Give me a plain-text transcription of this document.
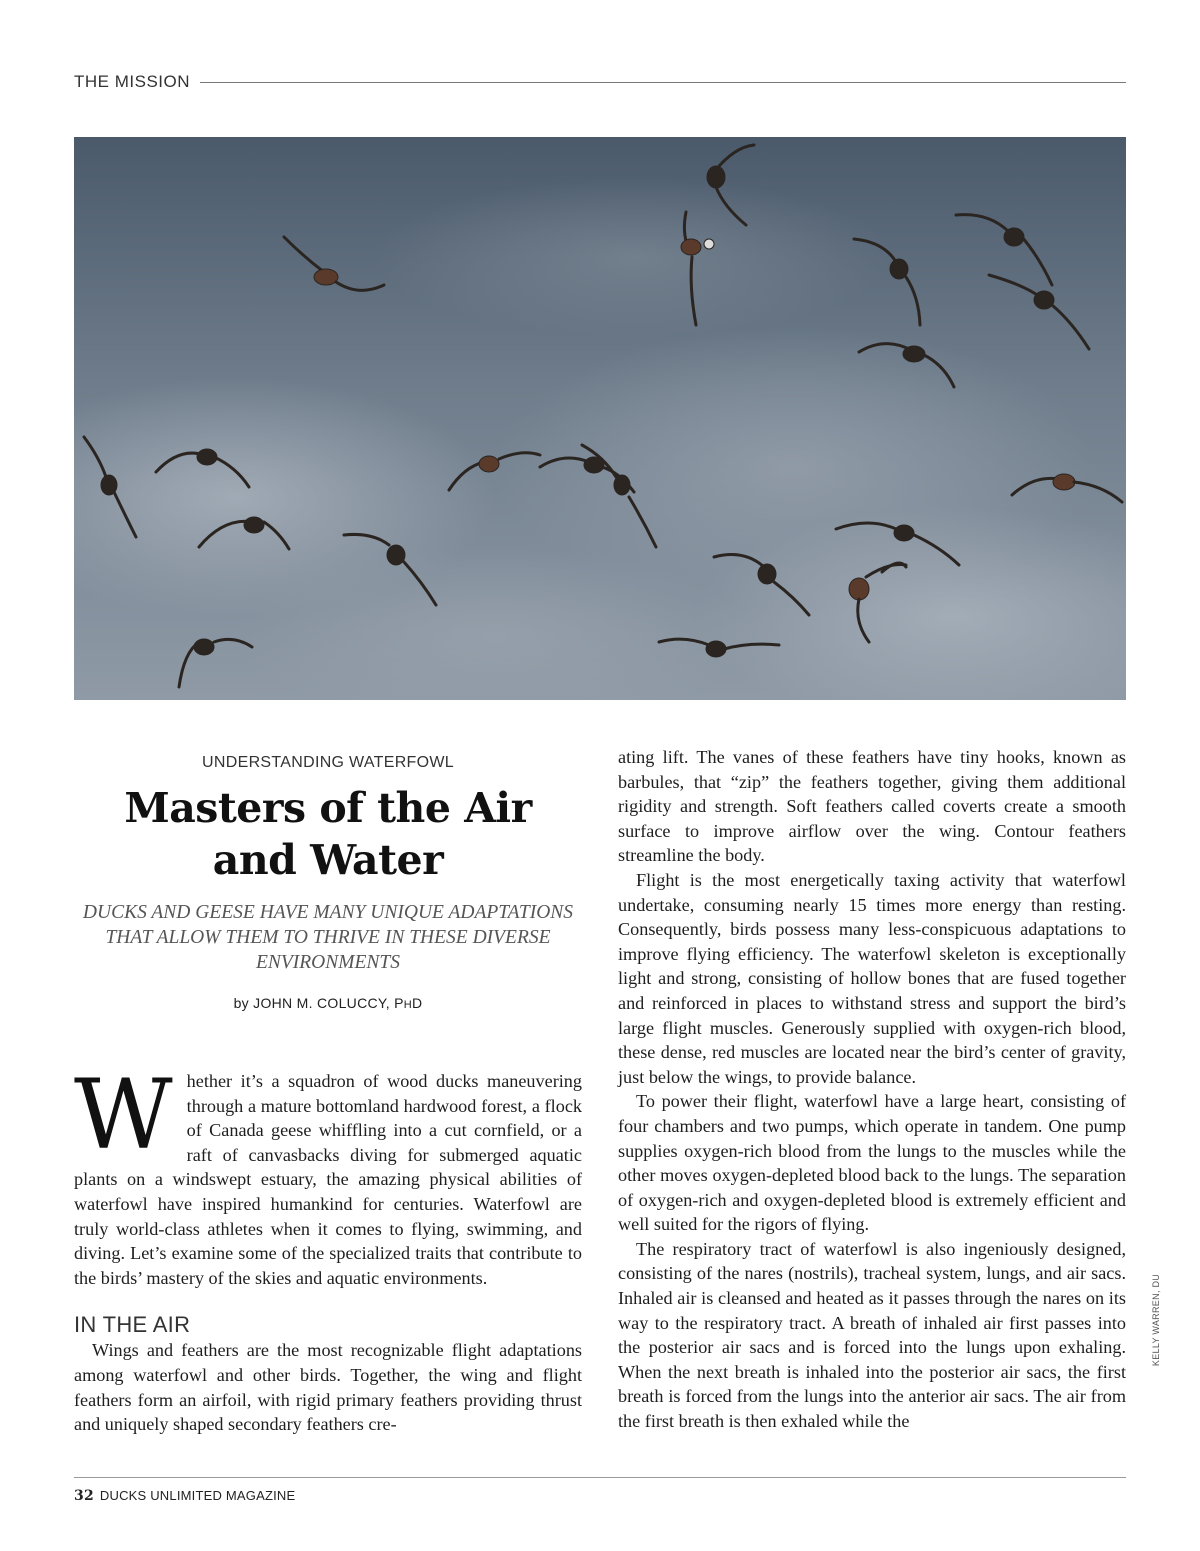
THE MISSION
KELLY WARREN, DU
UNDERSTANDING WATERFOWL
Masters of the Air
and Water
DUCKS AND GEESE HAVE MANY UNIQUE ADAPTATIONS THAT ALLOW THEM TO THRIVE IN THESE DIVERSE ENVIRONMENTS
by JOHN M. COLUCCY, PHD
Whether it’s a squadron of wood ducks maneuvering through a mature bottomland hardwood forest, a flock of Canada geese whiffling into a cut cornfield, or a raft of canvasbacks diving for submerged aquatic plants on a windswept estuary, the amazing physical abilities of waterfowl have inspired humankind for centuries. Waterfowl are truly world-class athletes when it comes to flying, swimming, and diving. Let’s examine some of the specialized traits that contribute to the birds’ mastery of the skies and aquatic environments.
IN THE AIR

Wings and feathers are the most recognizable flight adaptations among waterfowl and other birds. Together, the wing and flight feathers form an airfoil, with rigid primary feathers providing thrust and uniquely shaped secondary feathers cre-

ating lift. The vanes of these feathers have tiny hooks, known as barbules, that “zip” the feathers together, giving them additional rigidity and strength. Soft feathers called coverts create a smooth surface to improve airflow over the wing. Contour feathers streamline the body.

Flight is the most energetically taxing activity that waterfowl undertake, consuming nearly 15 times more energy than resting. Consequently, birds possess many less-conspicuous adaptations to improve flying efficiency. The waterfowl skeleton is exceptionally light and strong, consisting of hollow bones that are fused together and reinforced in places to withstand stress and support the bird’s large flight muscles. Generously supplied with oxygen-rich blood, these dense, red muscles are located near the bird’s center of gravity, just below the wings, to provide balance.

To power their flight, waterfowl have a large heart, consisting of four chambers and two pumps, which operate in tandem. One pump supplies oxygen-rich blood from the lungs to the muscles while the other moves oxygen-depleted blood back to the lungs. The separation of oxygen-rich and oxygen-depleted blood is extremely efficient and well suited for the rigors of flying.

The respiratory tract of waterfowl is also ingeniously designed, consisting of the nares (nostrils), tracheal system, lungs, and air sacs. Inhaled air is cleansed and heated as it passes through the nares on its way to the respiratory tract. A breath of inhaled air first passes into the posterior air sacs and is forced into the lungs upon exhaling. When the next breath is inhaled into the posterior air sacs, the first breath is forced from the lungs into the anterior air sacs. The air from the first breath is then exhaled while the

32 DUCKS UNLIMITED MAGAZINE
